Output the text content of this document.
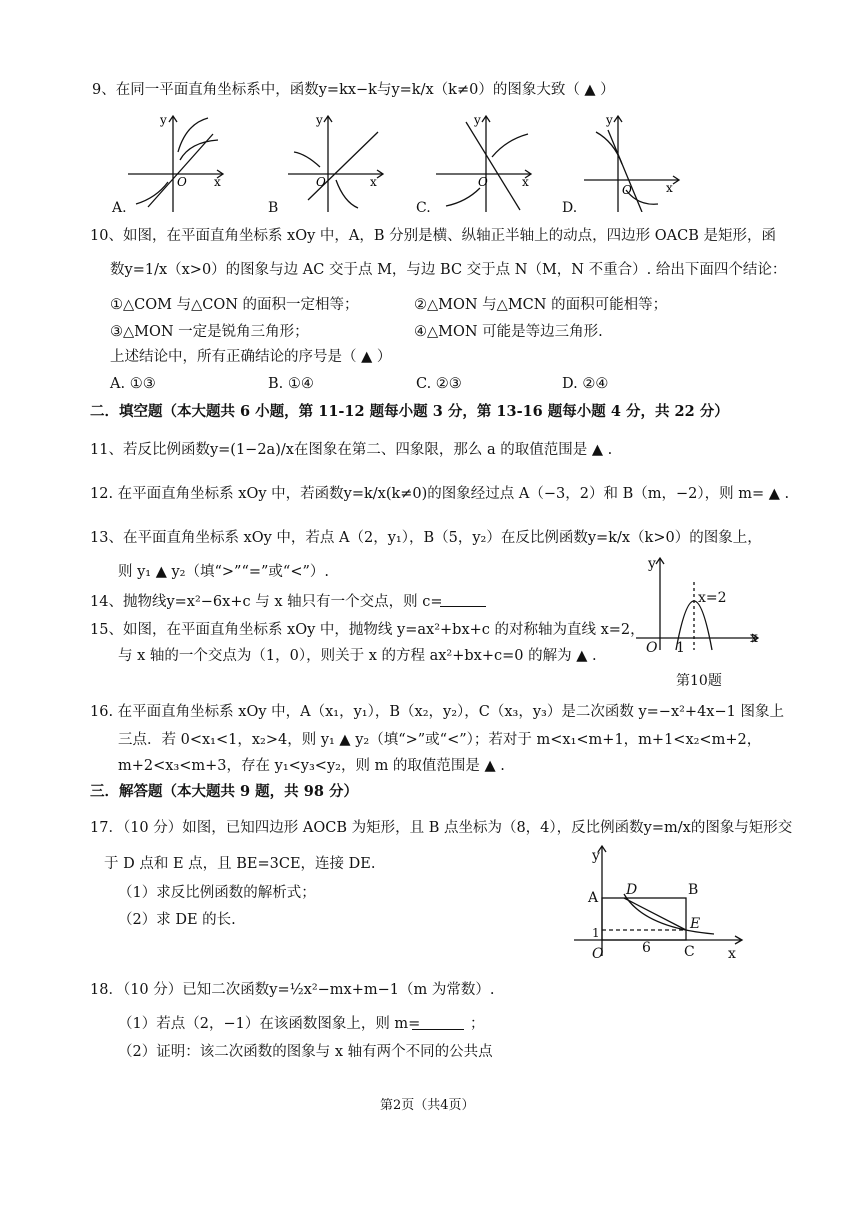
9、在同一平面直角坐标系中，函数y=kx−k与y=k/x（k≠0）的图象大致（ ▲ ）
y
O x
A.
y
O	x
B
y
O	x
C.
y
O	x
D.
10、如图，在平面直角坐标系 xOy 中，A，B 分别是横、纵轴正半轴上的动点，四边形 OACB 是矩形，函
数y=1/x（x>0）的图象与边 AC 交于点 M，与边 BC 交于点 N（M，N 不重合）. 给出下面四个结论：
①△COM 与△CON 的面积一定相等；	②△MON 与△MCN 的面积可能相等；
③△MON 一定是锐角三角形；	④△MON 可能是等边三角形.
上述结论中，所有正确结论的序号是（ ▲ ）
A. ①③	B. ①④	C. ②③	D. ②④
二．填空题（本大题共 6 小题，第 11-12 题每小题 3 分，第 13-16 题每小题 4 分，共 22 分）
11、若反比例函数y=(1−2a)/x在图象在第二、四象限，那么 a 的取值范围是 ▲ .
12. 在平面直角坐标系 xOy 中，若函数y=k/x(k≠0)的图象经过点 A（−3，2）和 B（m，−2），则 m= ▲ .
13、在平面直角坐标系 xOy 中，若点 A（2，y₁），B（5，y₂）在反比例函数y=k/x（k>0）的图象上，
则 y₁ ▲ y₂（填“>”“=”或“<”）.
14、抛物线y=x²−6x+c 与 x 轴只有一个交点，则 c=
15、如图，在平面直角坐标系 xOy 中，抛物线 y=ax²+bx+c 的对称轴为直线 x=2，
与 x 轴的一个交点为（1，0），则关于 x 的方程 ax²+bx+c=0 的解为 ▲ .
y
x
O 1
x=2
第10题
16. 在平面直角坐标系 xOy 中，A（x₁，y₁），B（x₂，y₂），C（x₃，y₃）是二次函数 y=−x²+4x−1 图象上
三点．若 0<x₁<1，x₂>4，则 y₁ ▲ y₂（填“>”或“<”）；若对于 m<x₁<m+1，m+1<x₂<m+2，
m+2<x₃<m+3，存在 y₁<y₃<y₂，则 m 的取值范围是 ▲ .
三．解答题（本大题共 9 题，共 98 分）
17．（10 分）如图，已知四边形 AOCB 为矩形，且 B 点坐标为（8，4），反比例函数y=m/x的图象与矩形交
于 D 点和 E 点，且 BE=3CE，连接 DE.
（1）求反比例函数的解析式；
（2）求 DE 的长.
y
x
O
A	B
C
D
E
1
6
18．（10 分）已知二次函数y=½x²−mx+m−1（m 为常数）.
（1）若点（2，−1）在该函数图象上，则 m=	；
（2）证明：该二次函数的图象与 x 轴有两个不同的公共点
第2页（共4页）
